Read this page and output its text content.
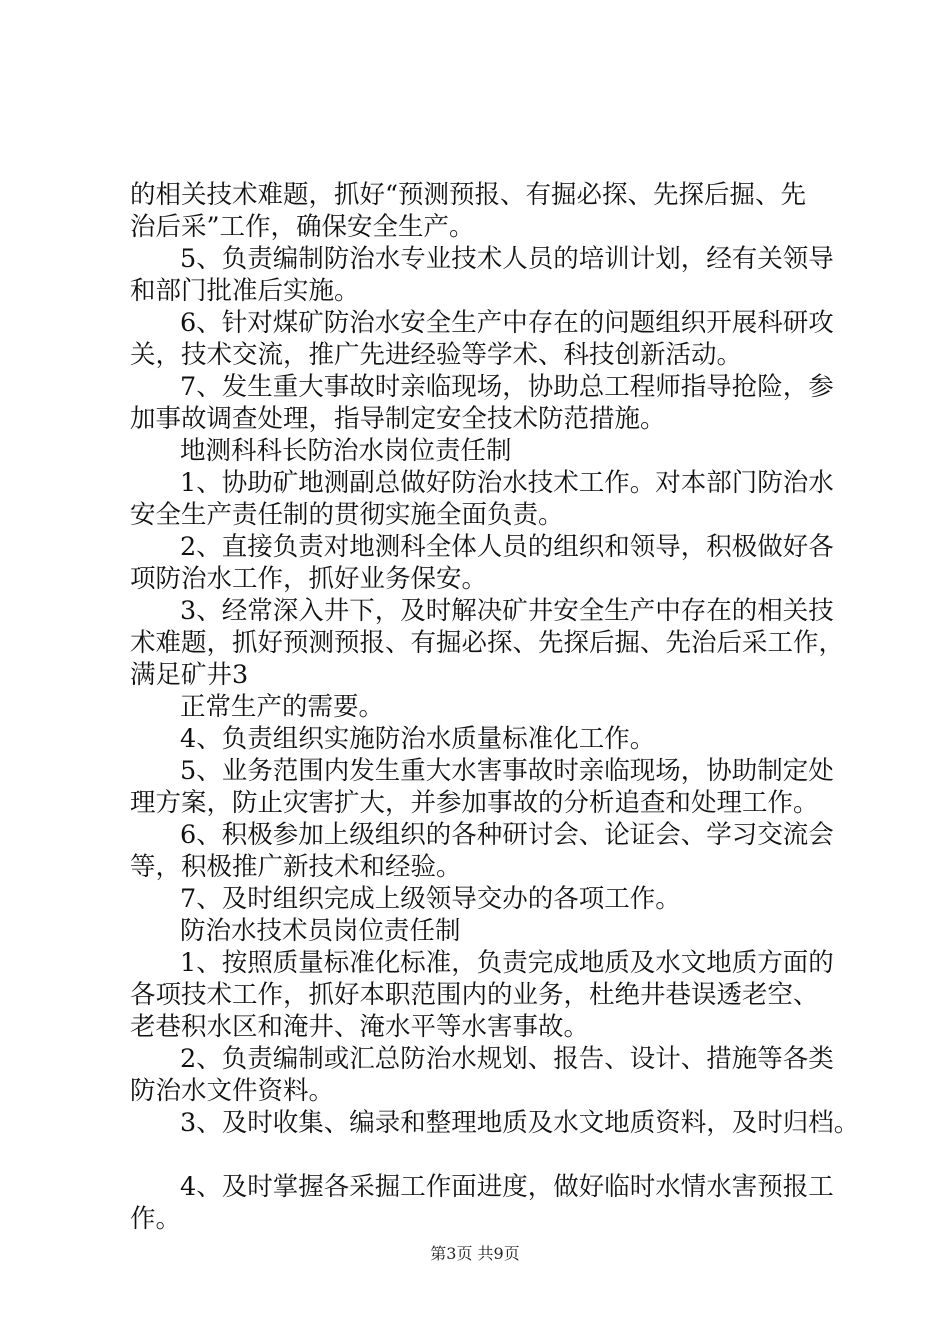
的相关技术难题，抓好“预测预报、有掘必探、先探后掘、先
治后采”工作，确保安全生产。
5、负责编制防治水专业技术人员的培训计划，经有关领导
和部门批准后实施。
6、针对煤矿防治水安全生产中存在的问题组织开展科研攻
关，技术交流，推广先进经验等学术、科技创新活动。
7、发生重大事故时亲临现场，协助总工程师指导抢险，参
加事故调查处理，指导制定安全技术防范措施。
地测科科长防治水岗位责任制
1、协助矿地测副总做好防治水技术工作。对本部门防治水
安全生产责任制的贯彻实施全面负责。
2、直接负责对地测科全体人员的组织和领导，积极做好各
项防治水工作，抓好业务保安。
3、经常深入井下，及时解决矿井安全生产中存在的相关技
术难题，抓好预测预报、有掘必探、先探后掘、先治后采工作，
满足矿井3
正常生产的需要。
4、负责组织实施防治水质量标准化工作。
5、业务范围内发生重大水害事故时亲临现场，协助制定处
理方案，防止灾害扩大，并参加事故的分析追查和处理工作。
6、积极参加上级组织的各种研讨会、论证会、学习交流会
等，积极推广新技术和经验。
7、及时组织完成上级领导交办的各项工作。
防治水技术员岗位责任制
1、按照质量标准化标准，负责完成地质及水文地质方面的
各项技术工作，抓好本职范围内的业务，杜绝井巷误透老空、
老巷积水区和淹井、淹水平等水害事故。
2、负责编制或汇总防治水规划、报告、设计、措施等各类
防治水文件资料。
3、及时收集、编录和整理地质及水文地质资料，及时归档。
4、及时掌握各采掘工作面进度，做好临时水情水害预报工
作。
第3页 共9页
